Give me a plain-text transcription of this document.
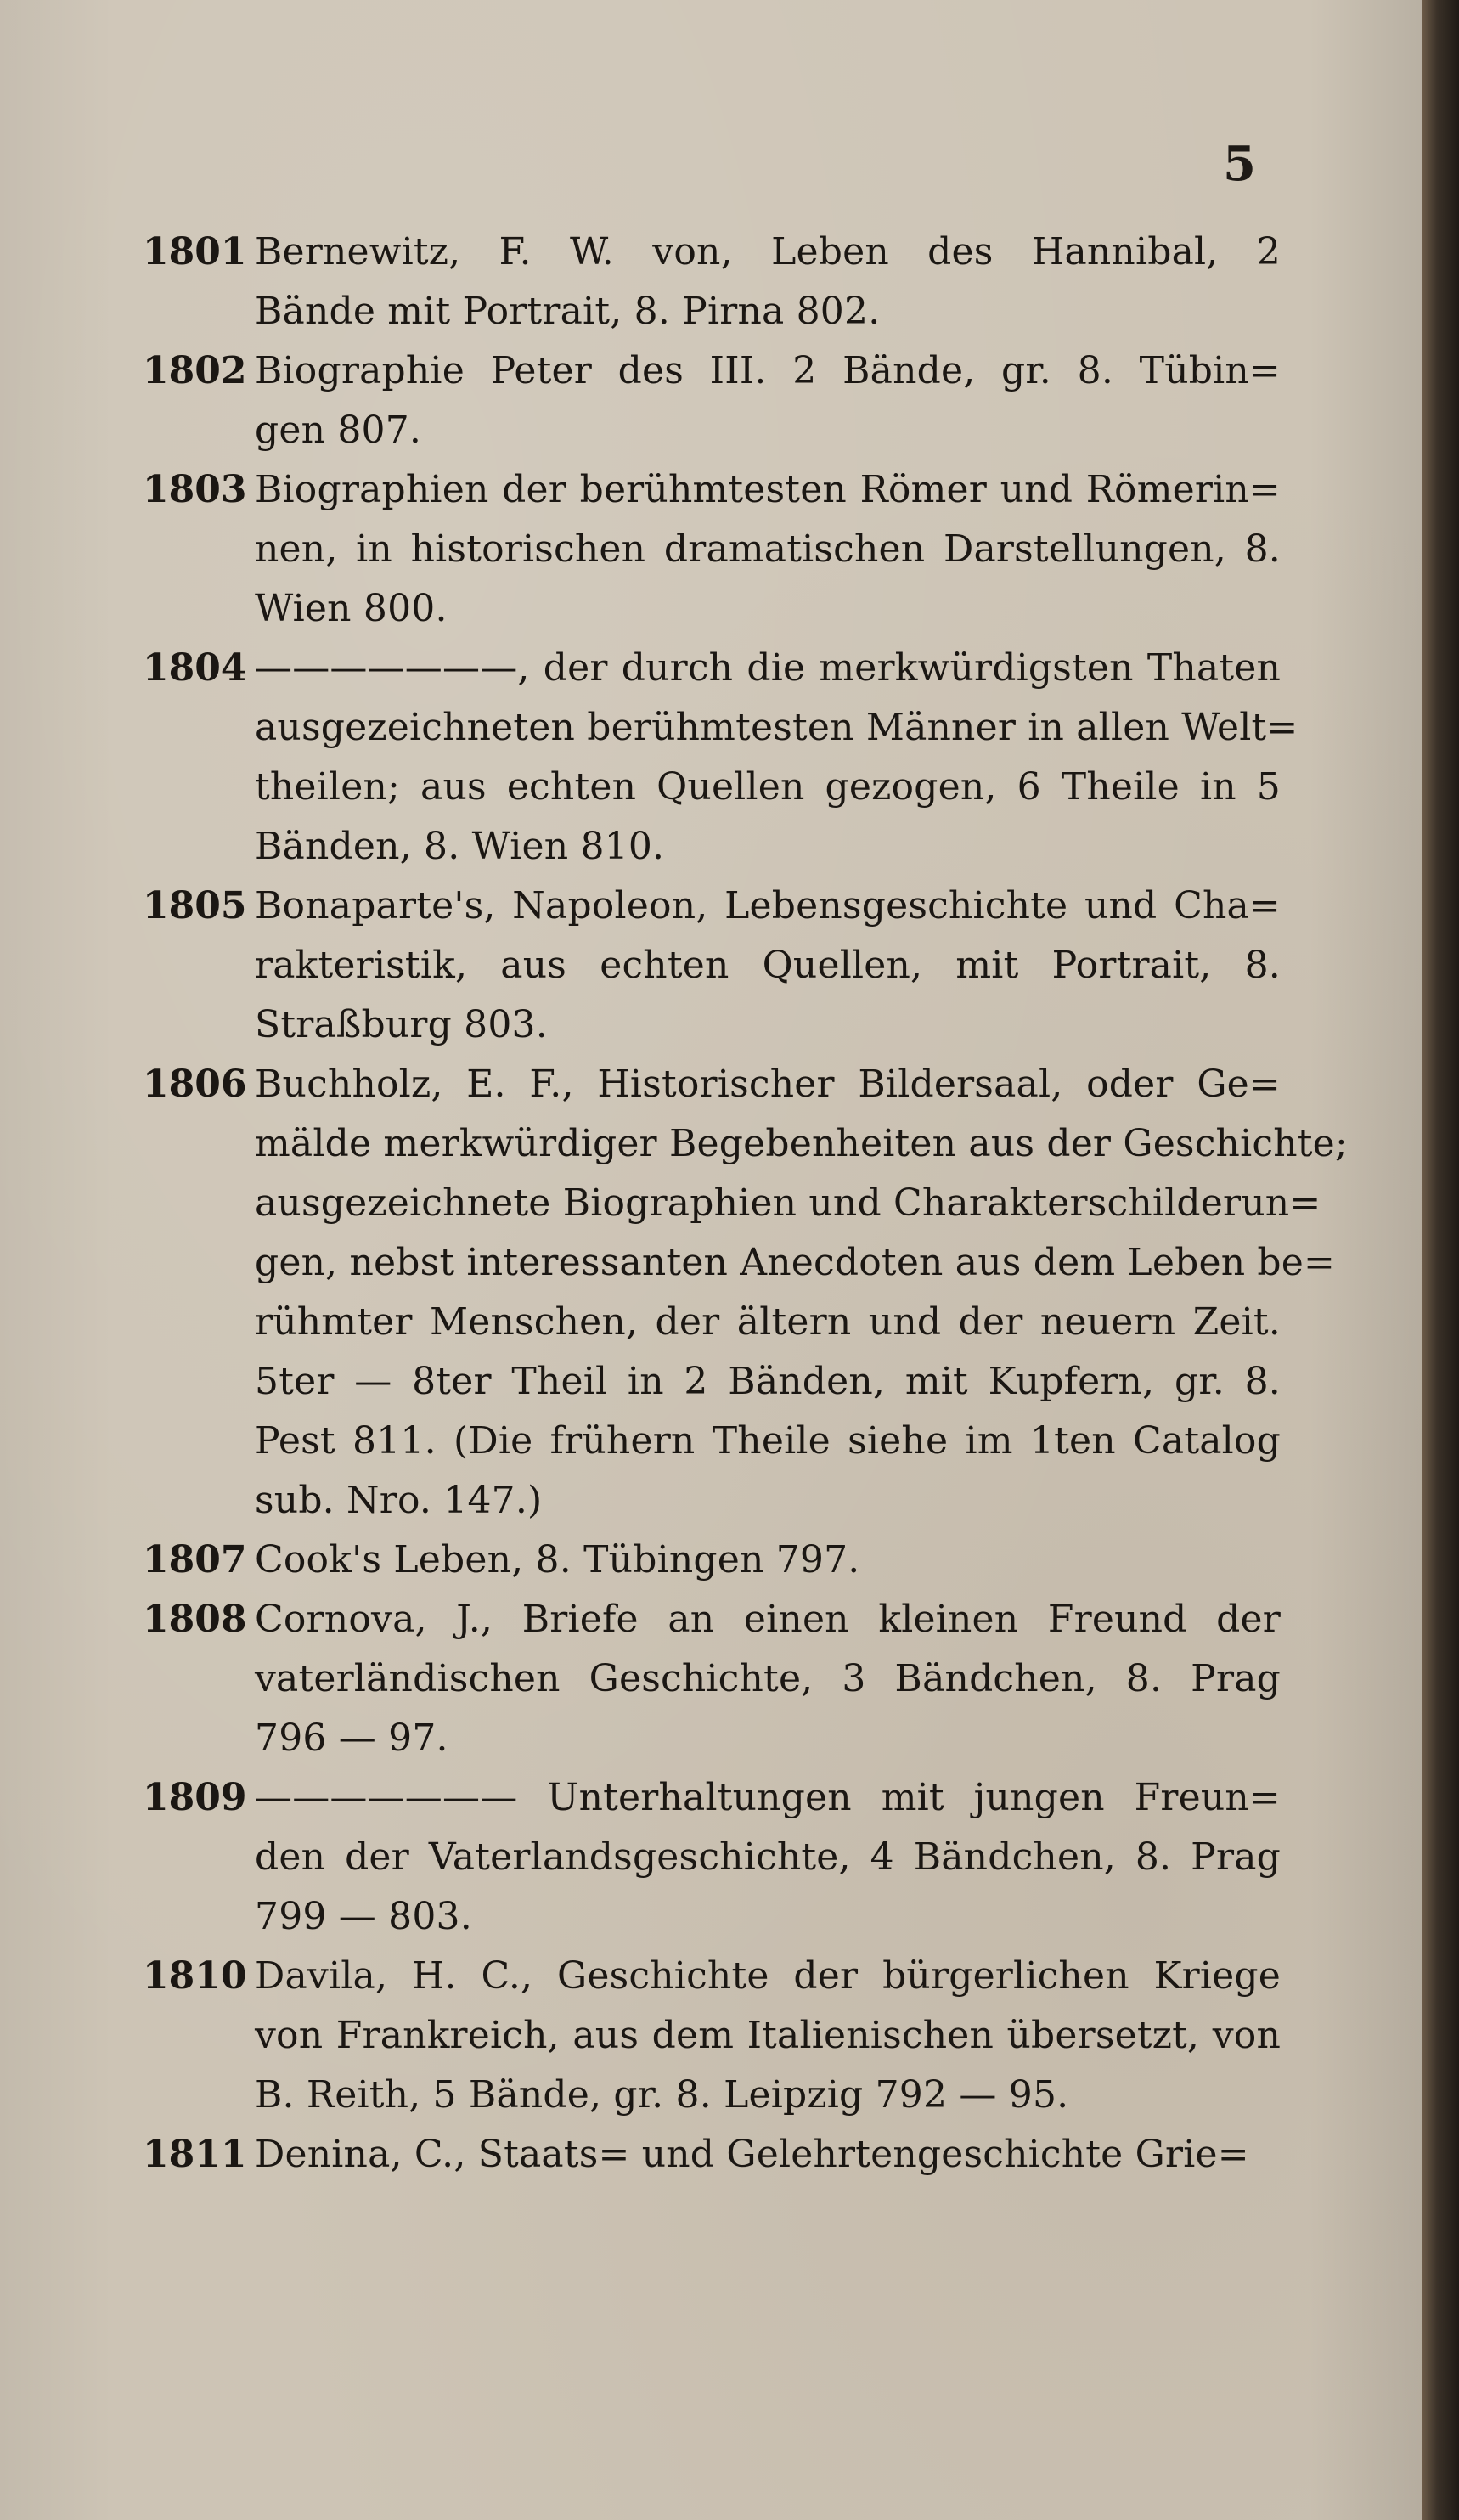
5
1801 Bernewitz, F. W. von, Leben des Hannibal, 2
Bände mit Portrait, 8. Pirna 802.
1802 Biographie Peter des III. 2 Bände, gr. 8. Tübin=
gen 807.
1803 Biographien der berühmtesten Römer und Römerin=
nen, in historischen dramatischen Darstellungen, 8.
Wien 800.
1804 ———————, der durch die merkwürdigsten Thaten
ausgezeichneten berühmtesten Männer in allen Welt=
theilen; aus echten Quellen gezogen, 6 Theile in 5
Bänden, 8. Wien 810.
1805 Bonaparte's, Napoleon, Lebensgeschichte und Cha=
rakteristik, aus echten Quellen, mit Portrait, 8.
Straßburg 803.
1806 Buchholz, E. F., Historischer Bildersaal, oder Ge=
mälde merkwürdiger Begebenheiten aus der Geschichte;
ausgezeichnete Biographien und Charakterschilderun=
gen, nebst interessanten Anecdoten aus dem Leben be=
rühmter Menschen, der ältern und der neuern Zeit.
5ter — 8ter Theil in 2 Bänden, mit Kupfern, gr. 8.
Pest 811. (Die frühern Theile siehe im 1ten Catalog
sub. Nro. 147.)
1807 Cook's Leben, 8. Tübingen 797.
1808 Cornova, J., Briefe an einen kleinen Freund der
vaterländischen Geschichte, 3 Bändchen, 8. Prag
796 — 97.
1809 ——————— Unterhaltungen mit jungen Freun=
den der Vaterlandsgeschichte, 4 Bändchen, 8. Prag
799 — 803.
1810 Davila, H. C., Geschichte der bürgerlichen Kriege
von Frankreich, aus dem Italienischen übersetzt, von
B. Reith, 5 Bände, gr. 8. Leipzig 792 — 95.
1811 Denina, C., Staats= und Gelehrtengeschichte Grie=
